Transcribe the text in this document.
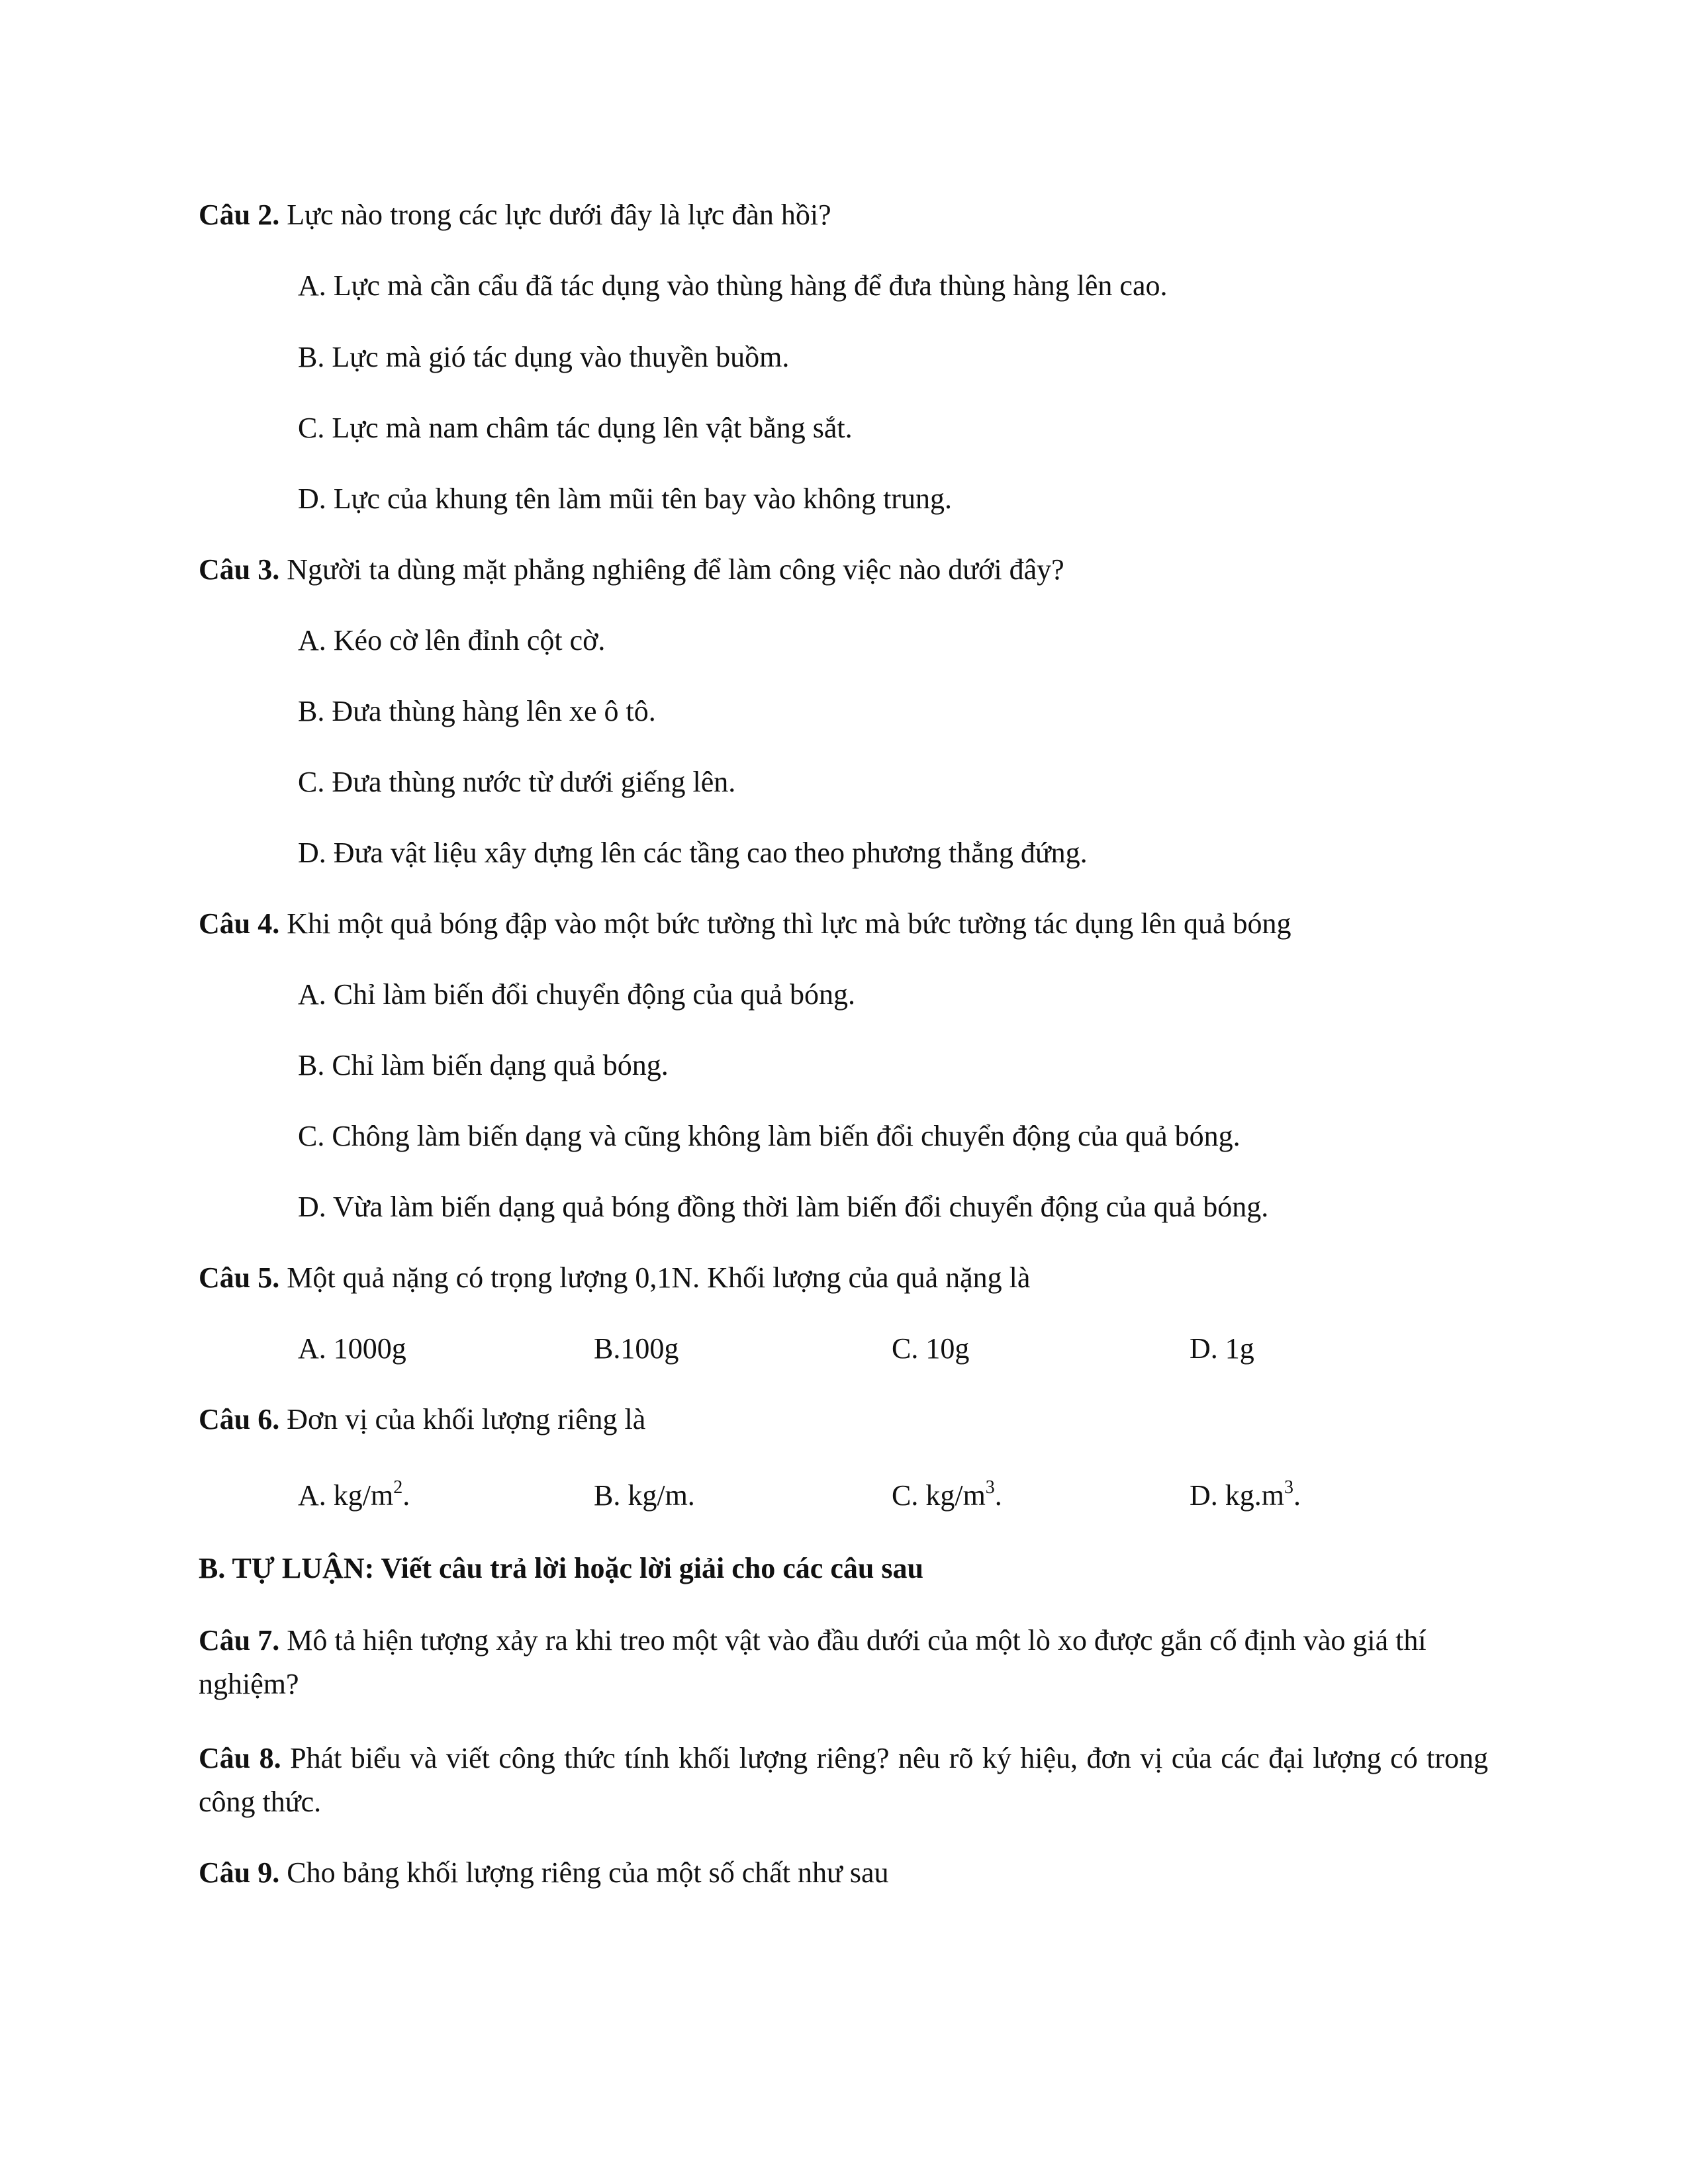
Câu 2. Lực nào trong các lực dưới đây là lực đàn hồi?
A. Lực mà cần cẩu đã tác dụng vào thùng hàng để đưa thùng hàng lên cao.
B. Lực mà gió tác dụng vào thuyền buồm.
C. Lực mà nam châm tác dụng lên vật bằng sắt.
D. Lực của khung tên làm mũi tên bay vào không trung.
Câu 3. Người ta dùng mặt phẳng nghiêng để làm công việc nào dưới đây?
A. Kéo cờ lên đỉnh cột cờ.
B. Đưa thùng hàng lên xe ô tô.
C. Đưa thùng nước từ dưới giếng lên.
D. Đưa vật liệu xây dựng lên các tầng cao theo phương thẳng đứng.
Câu 4. Khi một quả bóng đập vào một bức tường thì lực mà bức tường tác dụng lên quả bóng
A. Chỉ làm biến đổi chuyển động của quả bóng.
B. Chỉ làm biến dạng quả bóng.
C. Chông làm biến dạng và cũng không làm biến đổi chuyển động của quả bóng.
D. Vừa làm biến dạng quả bóng đồng thời làm biến đổi chuyển động của quả bóng.
Câu 5. Một quả nặng có trọng lượng 0,1N. Khối lượng của quả nặng là
A. 1000g	B.100g	C. 10g	D. 1g
Câu 6. Đơn vị của khối lượng riêng là
A. $kg/m^2$.	B. kg/m.	C. $kg/m^3$.	D. $kg.m^3$.
B. TỰ LUẬN: Viết câu trả lời hoặc lời giải cho các câu sau
Câu 7. Mô tả hiện tượng xảy ra khi treo một vật vào đầu dưới của một lò xo được gắn cố định vào giá thí nghiệm?
Câu 8. Phát biểu và viết công thức tính khối lượng riêng? nêu rõ ký hiệu, đơn vị của các đại lượng có trong công thức.
Câu 9. Cho bảng khối lượng riêng của một số chất như sau
